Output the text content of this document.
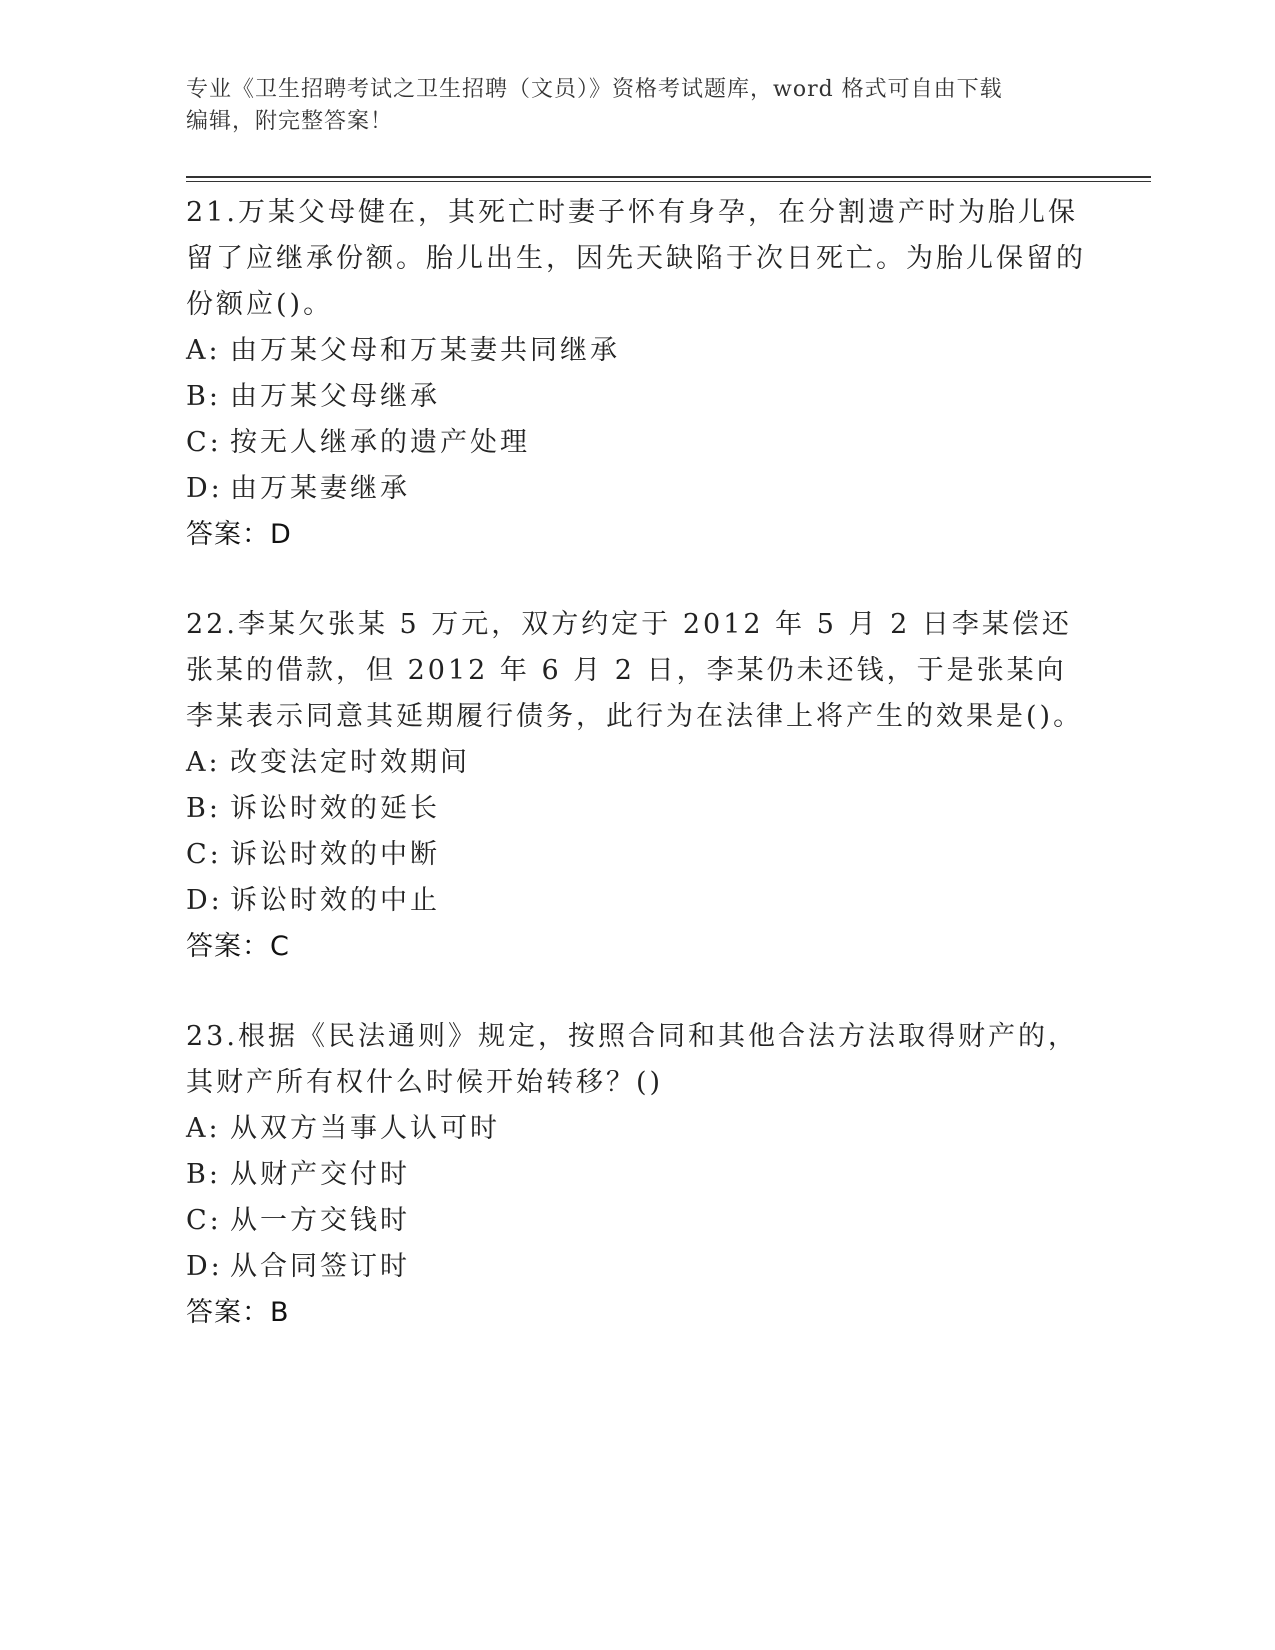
专业《卫生招聘考试之卫生招聘（文员）》资格考试题库，word 格式可自由下载
编辑，附完整答案！

21.万某父母健在，其死亡时妻子怀有身孕，在分割遗产时为胎儿保留了应继承份额。胎儿出生，因先天缺陷于次日死亡。为胎儿保留的份额应()。

A: 由万某父母和万某妻共同继承

B: 由万某父母继承

C: 按无人继承的遗产处理

D: 由万某妻继承

答案：D

22.李某欠张某 5 万元，双方约定于 2012 年 5 月 2 日李某偿还张某的借款，但 2012 年 6 月 2 日，李某仍未还钱，于是张某向李某表示同意其延期履行债务，此行为在法律上将产生的效果是()。

A: 改变法定时效期间

B: 诉讼时效的延长

C: 诉讼时效的中断

D: 诉讼时效的中止

答案：C

23.根据《民法通则》规定，按照合同和其他合法方法取得财产的，其财产所有权什么时候开始转移？()

A: 从双方当事人认可时

B: 从财产交付时

C: 从一方交钱时

D: 从合同签订时

答案：B
